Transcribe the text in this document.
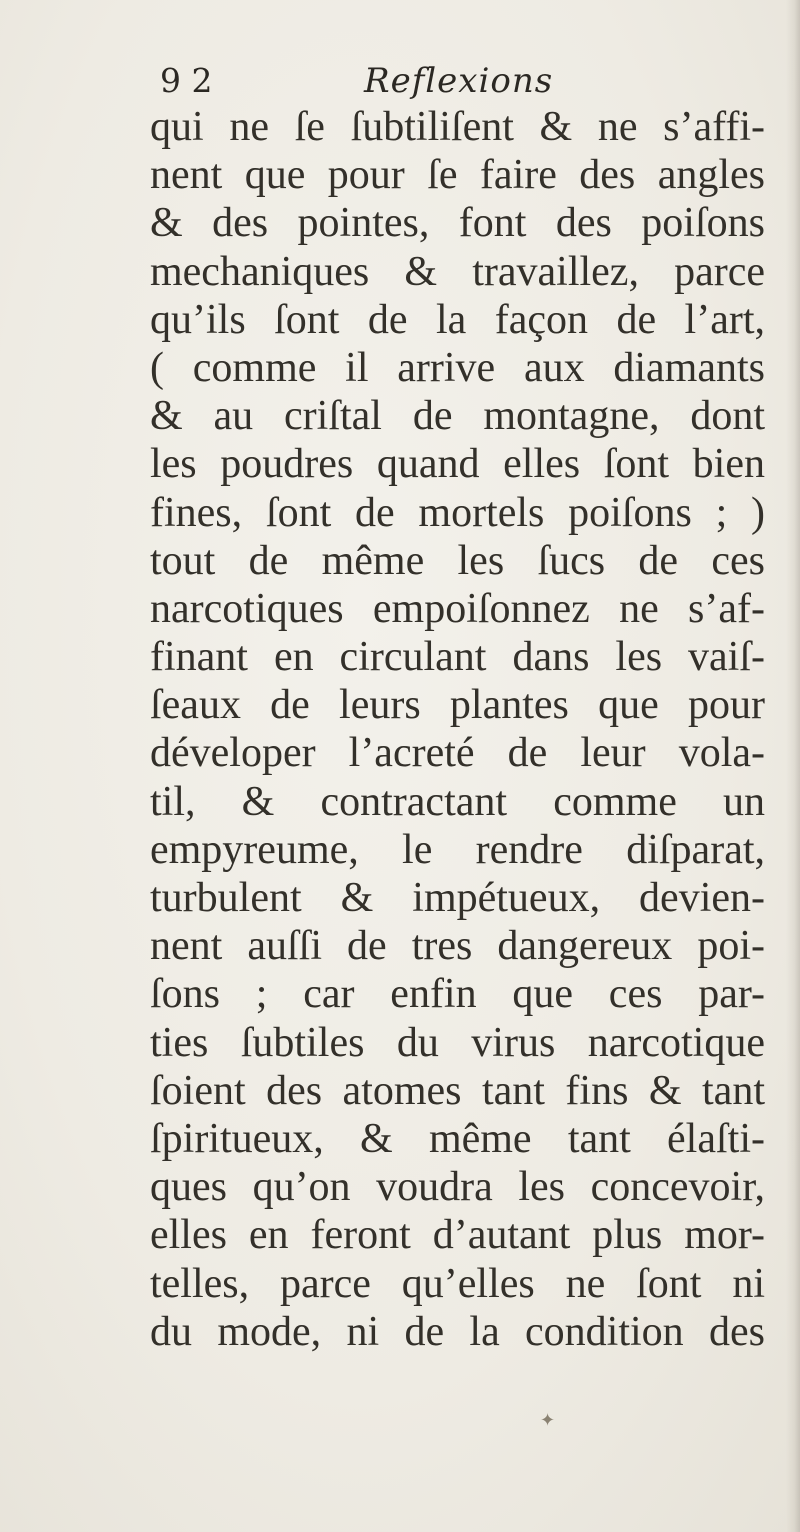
9 2	Reflexions
qui ne ſe ſubtiliſent & ne s’affi-
nent que pour ſe faire des angles
& des pointes, font des poiſons
mechaniques & travaillez, parce
qu’ils ſont de la façon de l’art,
( comme il arrive aux diamants
& au criſtal de montagne, dont
les poudres quand elles ſont bien
fines, ſont de mortels poiſons ; )
tout de même les ſucs de ces
narcotiques empoiſonnez ne s’af-
finant en circulant dans les vaiſ-
ſeaux de leurs plantes que pour
déveloper l’acreté de leur vola-
til, & contractant comme un
empyreume, le rendre diſparat,
turbulent & impétueux, devien-
nent auſſi de tres dangereux poi-
ſons ; car enfin que ces par-
ties ſubtiles du virus narcotique
ſoient des atomes tant fins & tant
ſpiritueux, & même tant élaſti-
ques qu’on voudra les concevoir,
elles en feront d’autant plus mor-
telles, parce qu’elles ne ſont ni
du mode, ni de la condition des
✦
